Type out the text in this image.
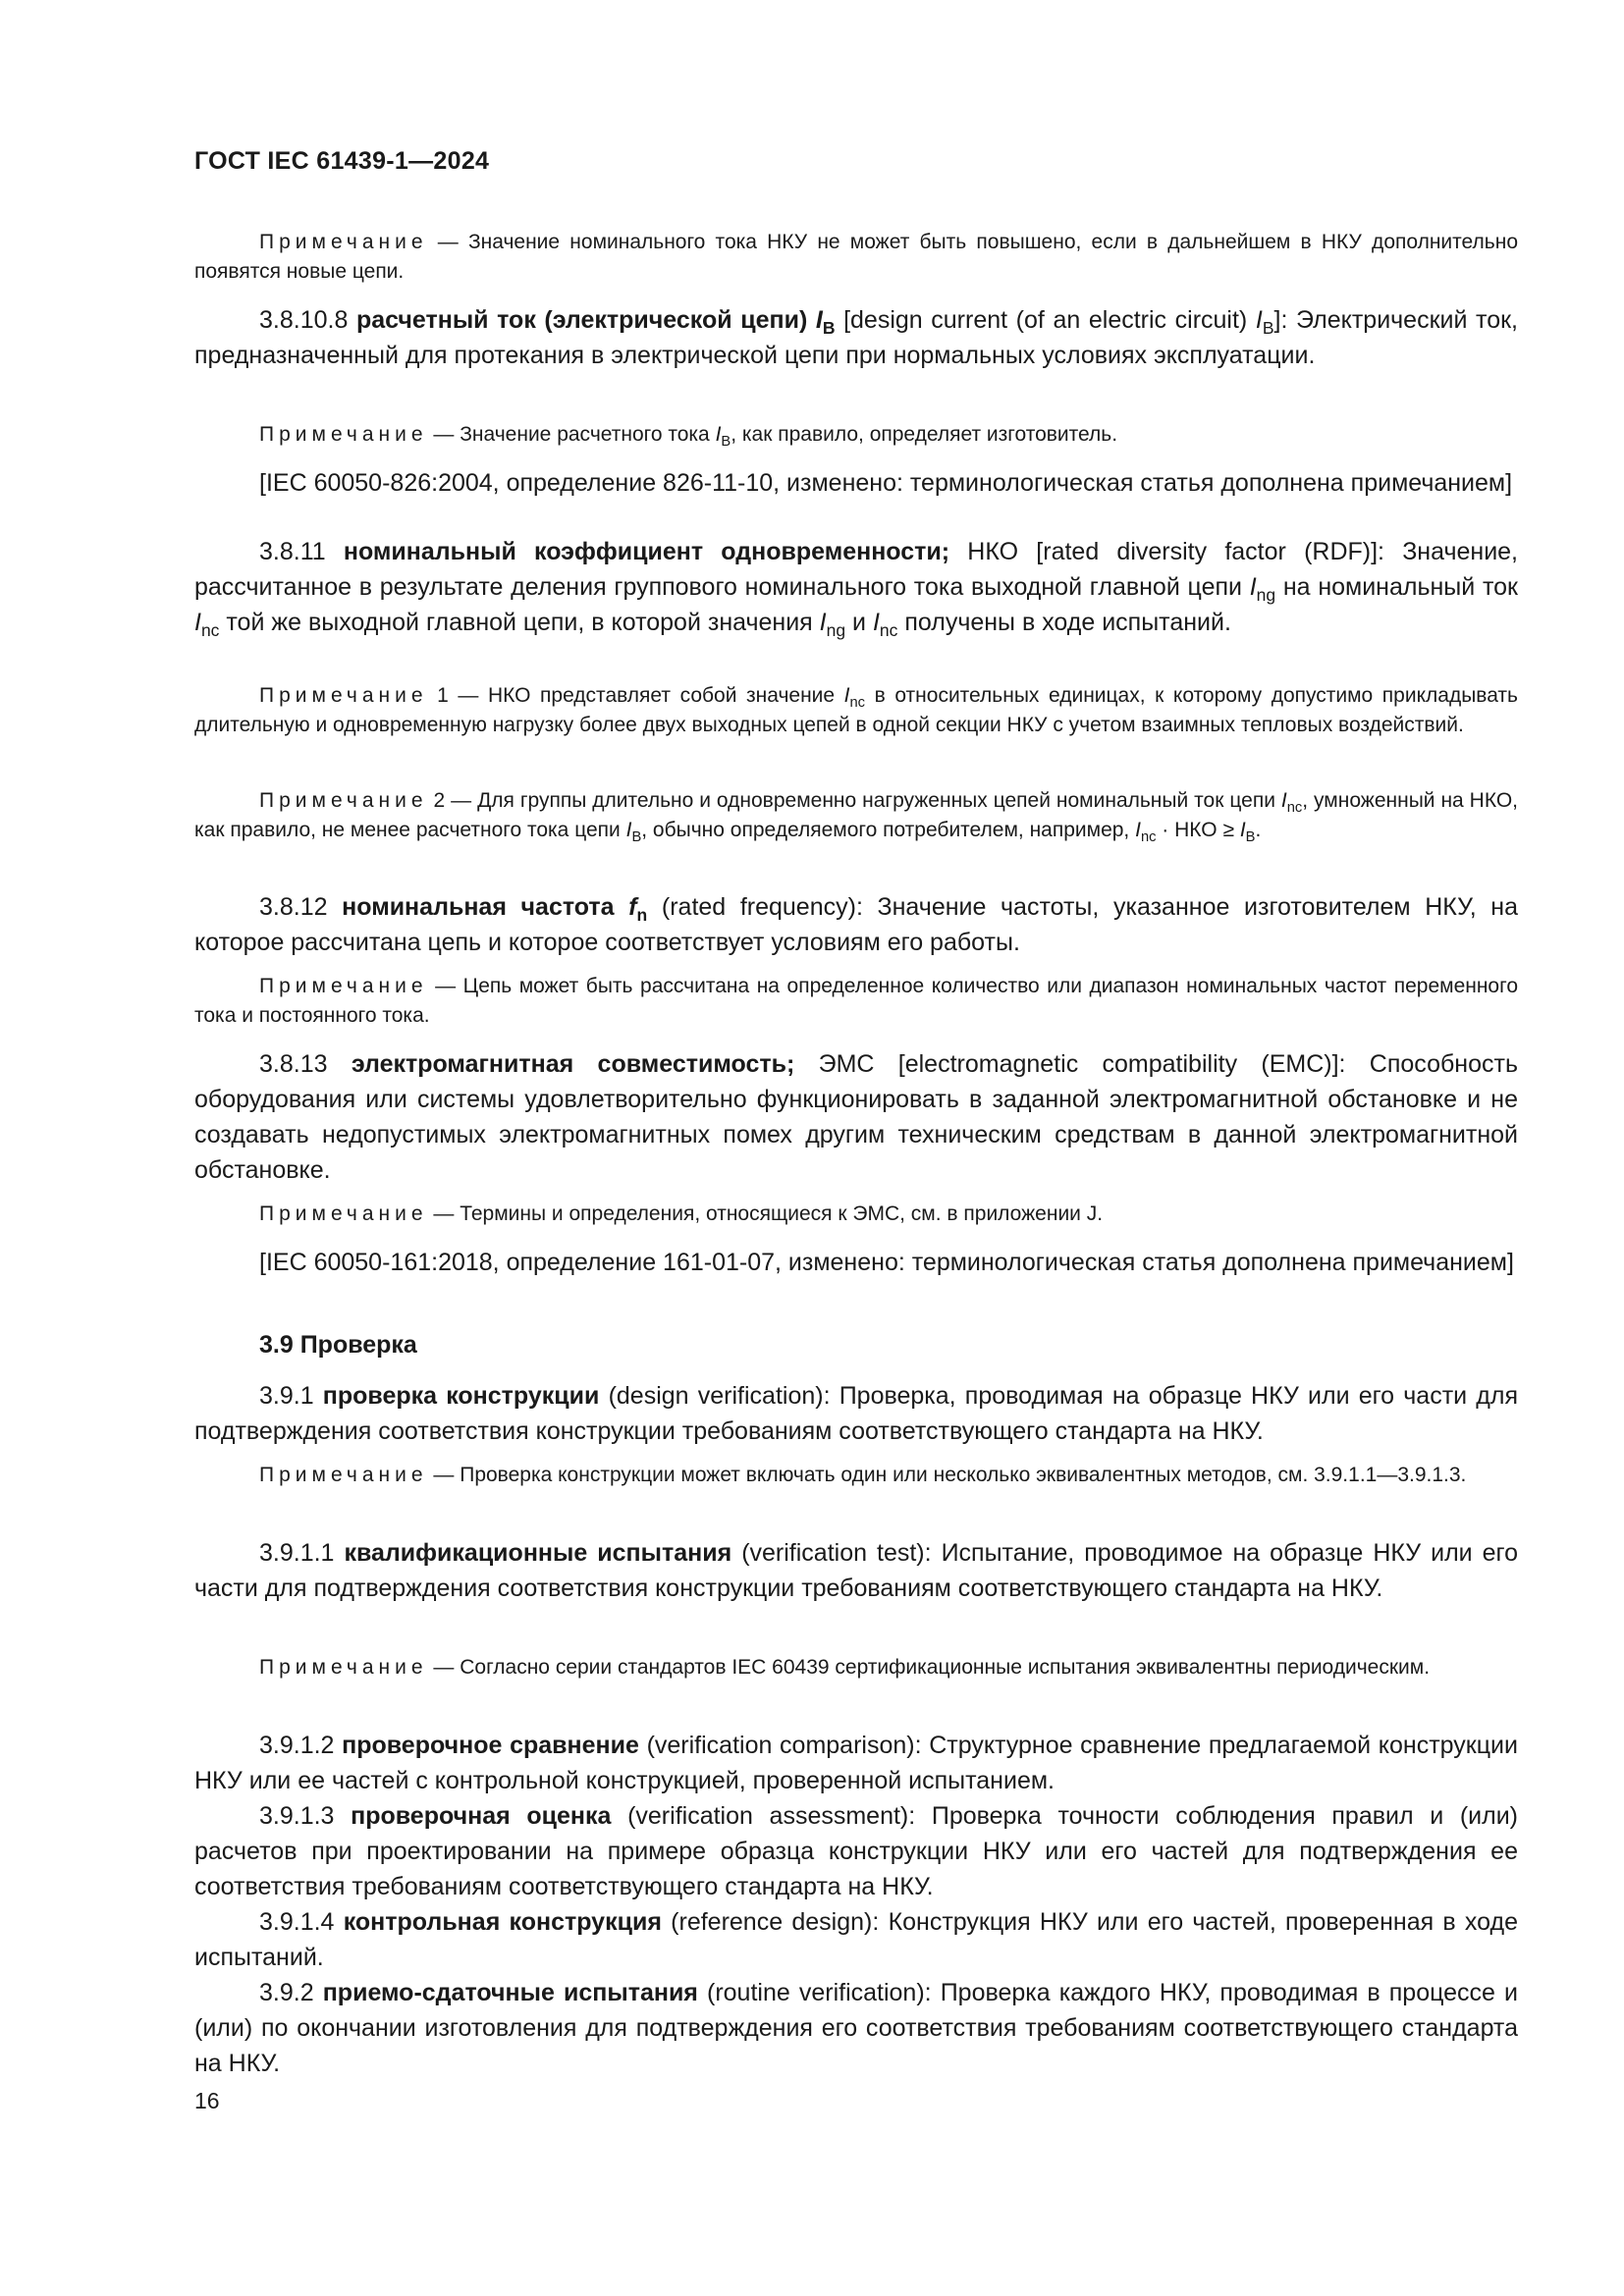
ГОСТ IEC 61439-1—2024

Примечание — Значение номинального тока НКУ не может быть повышено, если в дальнейшем в НКУ дополнительно появятся новые цепи.

3.8.10.8 расчетный ток (электрической цепи) $I_B$ [design current (of an electric circuit) $I_B$]: Электрический ток, предназначенный для протекания в электрической цепи при нормальных условиях эксплуатации.

Примечание — Значение расчетного тока $I_B$, как правило, определяет изготовитель.

[IEC 60050-826:2004, определение 826-11-10, изменено: терминологическая статья дополнена примечанием]

3.8.11 номинальный коэффициент одновременности; НКО [rated diversity factor (RDF)]: Значение, рассчитанное в результате деления группового номинального тока выходной главной цепи $I_{ng}$ на номинальный ток $I_{nc}$ той же выходной главной цепи, в которой значения $I_{ng}$ и $I_{nc}$ получены в ходе испытаний.

Примечание 1 — НКО представляет собой значение $I_{nc}$ в относительных единицах, к которому допустимо прикладывать длительную и одновременную нагрузку более двух выходных цепей в одной секции НКУ с учетом взаимных тепловых воздействий.

Примечание 2 — Для группы длительно и одновременно нагруженных цепей номинальный ток цепи $I_{nc}$, умноженный на НКО, как правило, не менее расчетного тока цепи $I_B$, обычно определяемого потребителем, например, $I_{nc}$ · НКО ≥ $I_B$.

3.8.12 номинальная частота $f_n$ (rated frequency): Значение частоты, указанное изготовителем НКУ, на которое рассчитана цепь и которое соответствует условиям его работы.

Примечание — Цепь может быть рассчитана на определенное количество или диапазон номинальных частот переменного тока и постоянного тока.

3.8.13 электромагнитная совместимость; ЭМС [electromagnetic compatibility (EMC)]: Способность оборудования или системы удовлетворительно функционировать в заданной электромагнитной обстановке и не создавать недопустимых электромагнитных помех другим техническим средствам в данной электромагнитной обстановке.

Примечание — Термины и определения, относящиеся к ЭМС, см. в приложении J.

[IEC 60050-161:2018, определение 161-01-07, изменено: терминологическая статья дополнена примечанием]

3.9 Проверка

3.9.1 проверка конструкции (design verification): Проверка, проводимая на образце НКУ или его части для подтверждения соответствия конструкции требованиям соответствующего стандарта на НКУ.

Примечание — Проверка конструкции может включать один или несколько эквивалентных методов, см. 3.9.1.1—3.9.1.3.

3.9.1.1 квалификационные испытания (verification test): Испытание, проводимое на образце НКУ или его части для подтверждения соответствия конструкции требованиям соответствующего стандарта на НКУ.

Примечание — Согласно серии стандартов IEC 60439 сертификационные испытания эквивалентны периодическим.

3.9.1.2 проверочное сравнение (verification comparison): Структурное сравнение предлагаемой конструкции НКУ или ее частей с контрольной конструкцией, проверенной испытанием.

3.9.1.3 проверочная оценка (verification assessment): Проверка точности соблюдения правил и (или) расчетов при проектировании на примере образца конструкции НКУ или его частей для подтверждения ее соответствия требованиям соответствующего стандарта на НКУ.

3.9.1.4 контрольная конструкция (reference design): Конструкция НКУ или его частей, проверенная в ходе испытаний.

3.9.2 приемо-сдаточные испытания (routine verification): Проверка каждого НКУ, проводимая в процессе и (или) по окончании изготовления для подтверждения его соответствия требованиям соответствующего стандарта на НКУ.

16
